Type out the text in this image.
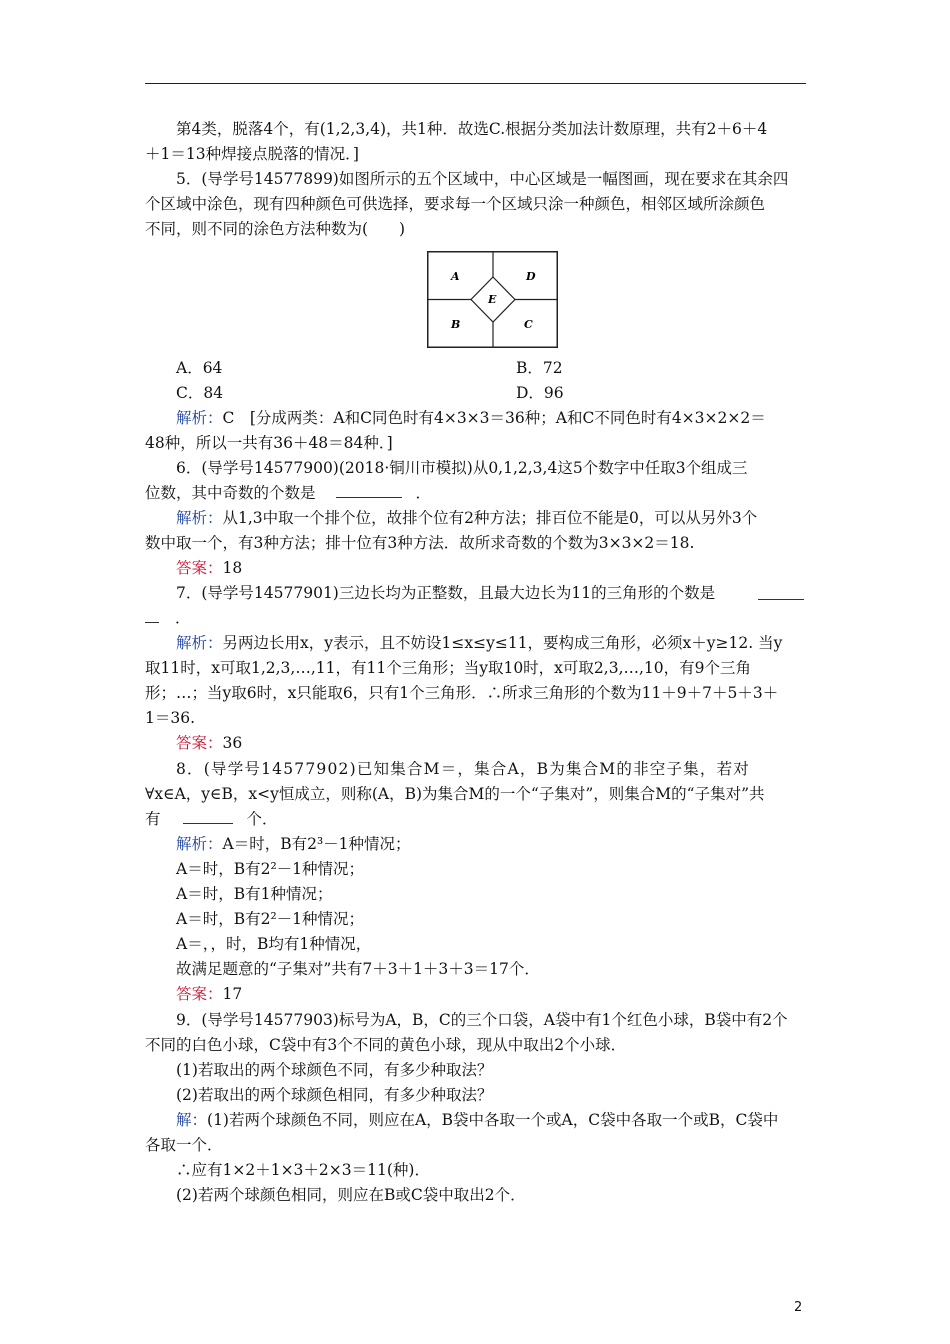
第4类，脱落4个，有(1,2,3,4)，共1种．故选C.根据分类加法计数原理，共有2＋6＋4
＋1＝13种焊接点脱落的情况．]
5．(导学号14577899)如图所示的五个区域中，中心区域是一幅图画，现在要求在其余四
个区域中涂色，现有四种颜色可供选择，要求每一个区域只涂一种颜色，相邻区域所涂颜色
不同，则不同的涂色方法种数为(　　)
A	D
E
B	C
A．64	B．72
C．84	D．96
解析：C　[分成两类：A和C同色时有4×3×3＝36种；A和C不同色时有4×3×2×2＝
48种，所以一共有36＋48＝84种．]
6．(导学号14577900)(2018·铜川市模拟)从0,1,2,3,4这5个数字中任取3个组成三
位数，其中奇数的个数是	．
解析：从1,3中取一个排个位，故排个位有2种方法；排百位不能是0，可以从另外3个
数中取一个，有3种方法；排十位有3种方法．故所求奇数的个数为3×3×2＝18.
答案：18
7．(导学号14577901)三边长均为正整数，且最大边长为11的三角形的个数是
．
解析：另两边长用x，y表示，且不妨设1≤x≤y≤11，要构成三角形，必须x＋y≥12. 当y
取11时，x可取1,2,3,…,11，有11个三角形；当y取10时，x可取2,3,…,10，有9个三角
形；…；当y取6时，x只能取6，只有1个三角形．∴所求三角形的个数为11＋9＋7＋5＋3＋
1＝36.
答案：36
8．(导学号14577902)已知集合M＝，集合A，B为集合M的非空子集，若对
∀x∈A，y∈B，x<y恒成立，则称(A，B)为集合M的一个“子集对”，则集合M的“子集对”共
有	个．
解析：A＝时，B有2³－1种情况；
A＝时，B有2²－1种情况；
A＝时，B有1种情况；
A＝时，B有2²－1种情况；
A＝，，时，B均有1种情况，
故满足题意的“子集对”共有7＋3＋1＋3＋3＝17个．
答案：17
9．(导学号14577903)标号为A，B，C的三个口袋，A袋中有1个红色小球，B袋中有2个
不同的白色小球，C袋中有3个不同的黄色小球，现从中取出2个小球．
(1)若取出的两个球颜色不同，有多少种取法？
(2)若取出的两个球颜色相同，有多少种取法？
解：(1)若两个球颜色不同，则应在A，B袋中各取一个或A，C袋中各取一个或B，C袋中
各取一个．
∴应有1×2＋1×3＋2×3＝11(种)．
(2)若两个球颜色相同，则应在B或C袋中取出2个．
2
